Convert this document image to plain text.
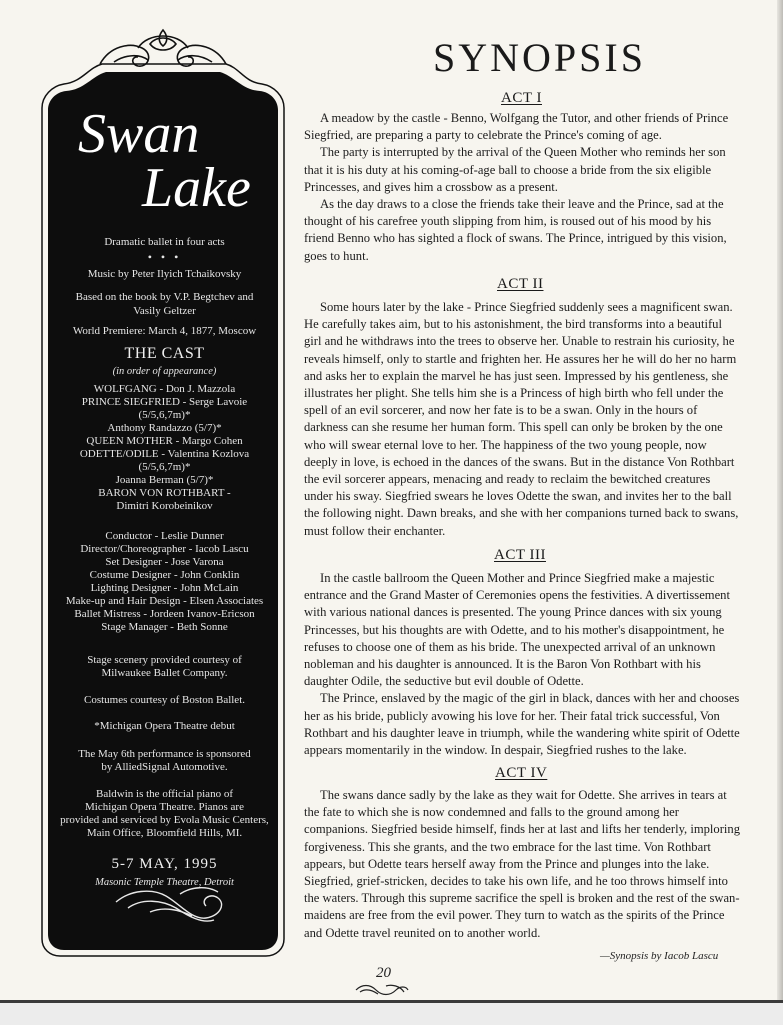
Swan
Lake
Dramatic ballet in four acts
• • •
Music by Peter Ilyich Tchaikovsky
Based on the book by V.P. Begtchev and
Vasily Geltzer
World Premiere: March 4, 1877, Moscow
THE CAST
(in order of appearance)
WOLFGANG - Don J. Mazzola
PRINCE SIEGFRIED - Serge Lavoie
(5/5,6,7m)*
Anthony Randazzo (5/7)*
QUEEN MOTHER - Margo Cohen
ODETTE/ODILE - Valentina Kozlova
(5/5,6,7m)*
Joanna Berman (5/7)*
BARON VON ROTHBART -
Dimitri Korobeinikov
Conductor - Leslie Dunner
Director/Choreographer - Iacob Lascu
Set Designer - Jose Varona
Costume Designer - John Conklin
Lighting Designer - John McLain
Make-up and Hair Design - Elsen Associates
Ballet Mistress - Jordeen Ivanov-Ericson
Stage Manager - Beth Sonne
Stage scenery provided courtesy of
Milwaukee Ballet Company.
Costumes courtesy of Boston Ballet.
*Michigan Opera Theatre debut
The May 6th performance is sponsored
by AlliedSignal Automotive.
Baldwin is the official piano of
Michigan Opera Theatre. Pianos are
provided and serviced by Evola Music Centers,
Main Office, Bloomfield Hills, MI.
5-7 MAY, 1995
Masonic Temple Theatre, Detroit
SYNOPSIS
ACT I

A meadow by the castle - Benno, Wolfgang the Tutor, and other friends of Prince Siegfried, are preparing a party to celebrate the Prince's coming of age.

The party is interrupted by the arrival of the Queen Mother who reminds her son that it is his duty at his coming-of-age ball to choose a bride from the six eligible Princesses, and gives him a crossbow as a present.

As the day draws to a close the friends take their leave and the Prince, sad at the thought of his carefree youth slipping from him, is roused out of his mood by his friend Benno who has sighted a flock of swans. The Prince, intrigued by this vision, goes to hunt.

ACT II

Some hours later by the lake - Prince Siegfried suddenly sees a magnificent swan. He carefully takes aim, but to his astonishment, the bird transforms into a beautiful girl and he withdraws into the trees to observe her. Unable to restrain his curiosity, he reveals himself, only to startle and frighten her. He assures her he will do her no harm and asks her to explain the marvel he has just seen. Impressed by his gentleness, she illustrates her plight. She tells him she is a Princess of high birth who fell under the spell of an evil sorcerer, and now her fate is to be a swan. Only in the hours of darkness can she resume her human form. This spell can only be broken by the one who will swear eternal love to her. The happiness of the two young people, now deeply in love, is echoed in the dances of the swans. But in the distance Von Rothbart the evil sorcerer appears, menacing and ready to reclaim the bewitched creatures under his sway. Siegfried swears he loves Odette the swan, and invites her to the ball the following night. Dawn breaks, and she with her companions turned back to swans, must follow their enchanter.

ACT III

In the castle ballroom the Queen Mother and Prince Siegfried make a majestic entrance and the Grand Master of Ceremonies opens the festivities. A divertissement with various national dances is presented. The young Prince dances with six young Princesses, but his thoughts are with Odette, and to his mother's disappointment, he refuses to choose one of them as his bride. The unexpected arrival of an unknown nobleman and his daughter is announced. It is the Baron Von Rothbart with his daughter Odile, the seductive but evil double of Odette.

The Prince, enslaved by the magic of the girl in black, dances with her and chooses her as his bride, publicly avowing his love for her. Their fatal trick successful, Von Rothbart and his daughter leave in triumph, while the wandering white spirit of Odette appears momentarily in the window. In despair, Siegfried rushes to the lake.

ACT IV

The swans dance sadly by the lake as they wait for Odette. She arrives in tears at the fate to which she is now condemned and falls to the ground among her companions. Siegfried beside himself, finds her at last and lifts her tenderly, imploring forgiveness. This she grants, and the two embrace for the last time. Von Rothbart appears, but Odette tears herself away from the Prince and plunges into the lake. Siegfried, grief-stricken, decides to take his own life, and he too throws himself into the waters. Through this supreme sacrifice the spell is broken and the rest of the swan-maidens are free from the evil power. They turn to watch as the spirits of the Prince and Odette travel reunited on to another world.

—Synopsis by Iacob Lascu
20
